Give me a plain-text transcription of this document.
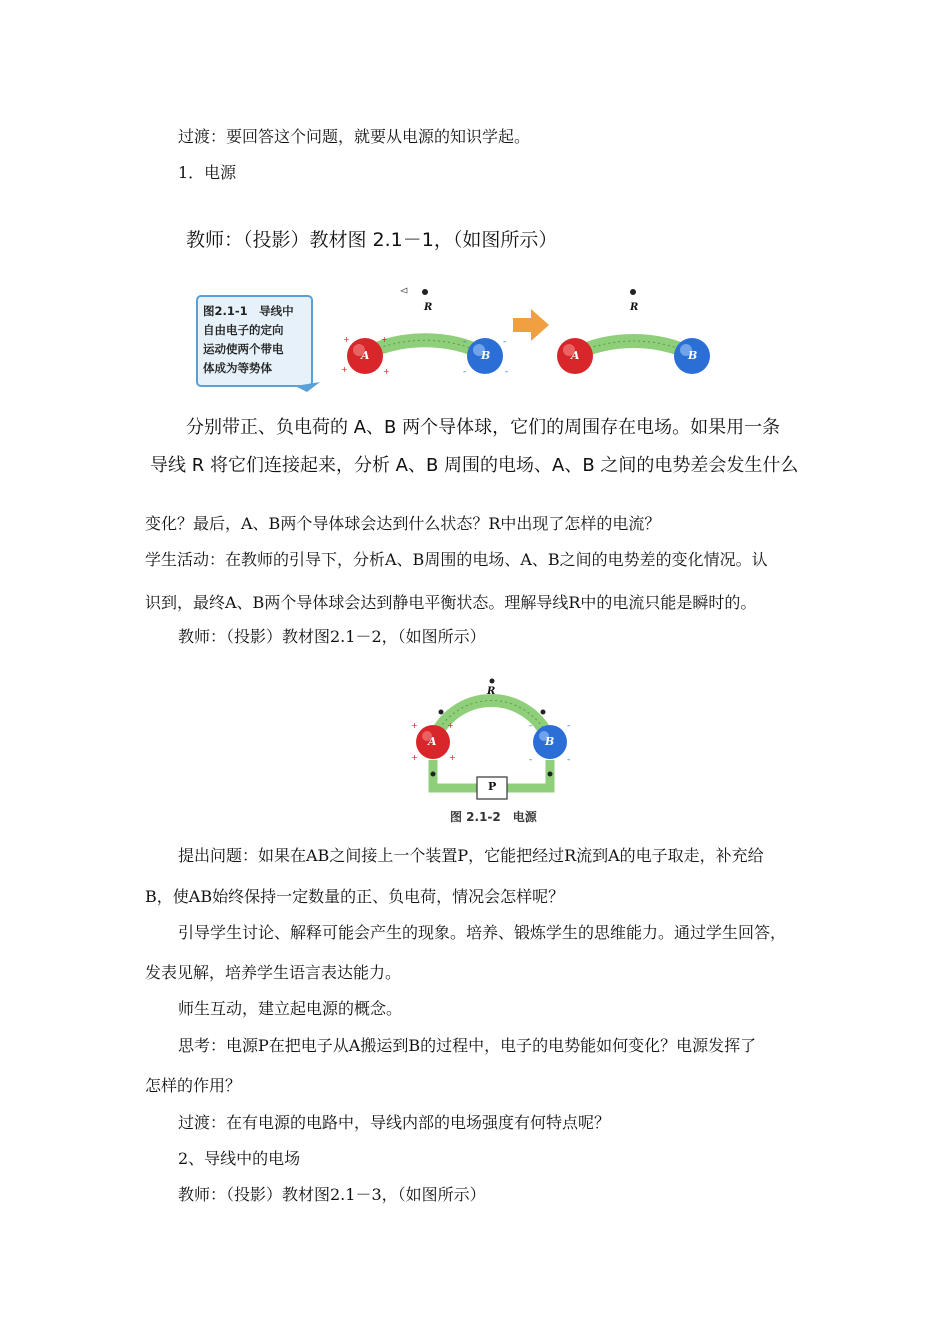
过渡：要回答这个问题，就要从电源的知识学起。
1．电源
教师：（投影）教材图 2.1－1，（如图所示）
+	+
+	+
-	-
-	-
图2.1-1　导线中
自由电子的定向
运动使两个带电
体成为等势体
R
A	B
R
A	B
分别带正、负电荷的 A、B 两个导体球，它们的周围存在电场。如果用一条
导线 R 将它们连接起来，分析 A、B 周围的电场、A、B 之间的电势差会发生什么
变化？最后，A、B两个导体球会达到什么状态？R中出现了怎样的电流？
学生活动：在教师的引导下，分析A、B周围的电场、A、B之间的电势差的变化情况。认
识到，最终A、B两个导体球会达到静电平衡状态。理解导线R中的电流只能是瞬时的。
教师：（投影）教材图2.1－2，（如图所示）
+	+
+	+
-	-
-	-
R
A	B
P
图 2.1-2　电源
提出问题：如果在AB之间接上一个装置P，它能把经过R流到A的电子取走，补充给
B，使AB始终保持一定数量的正、负电荷，情况会怎样呢？
引导学生讨论、解释可能会产生的现象。培养、锻炼学生的思维能力。通过学生回答，
发表见解，培养学生语言表达能力。
师生互动，建立起电源的概念。
思考：电源P在把电子从A搬运到B的过程中，电子的电势能如何变化？电源发挥了
怎样的作用？
过渡：在有电源的电路中，导线内部的电场强度有何特点呢？
2、导线中的电场
教师：（投影）教材图2.1－3，（如图所示）
